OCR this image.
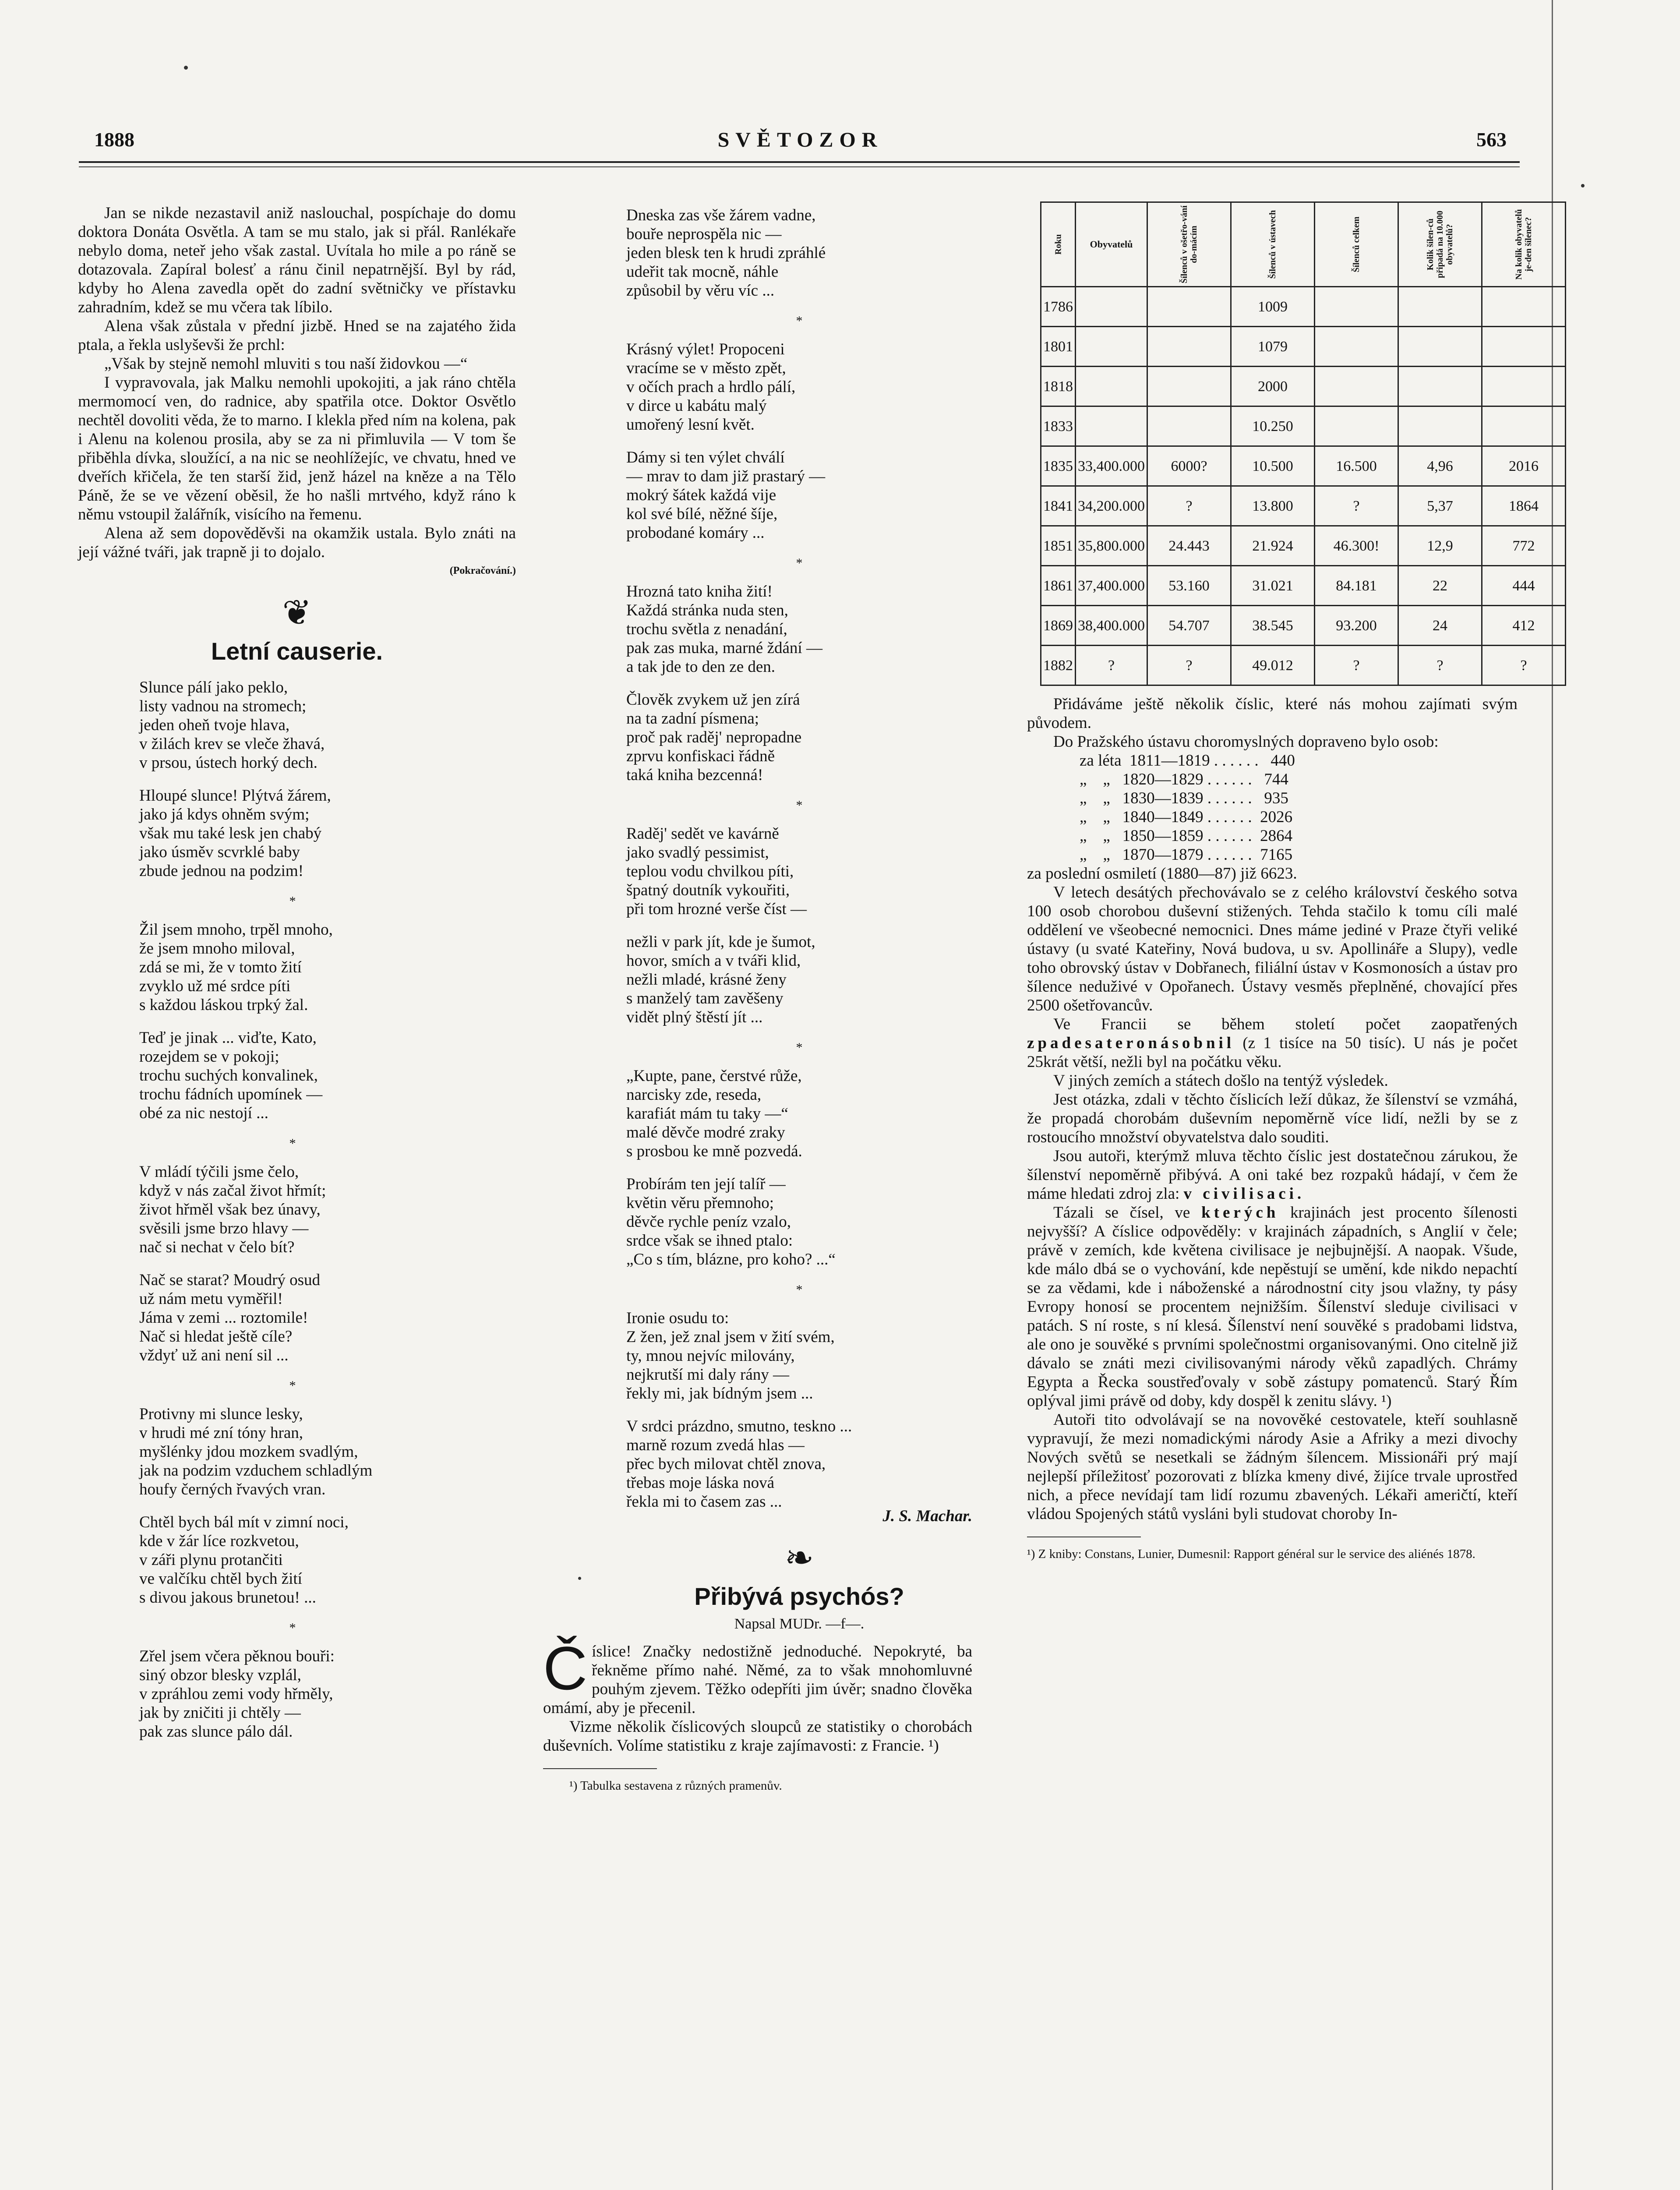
1888	SVĚTOZOR	563

Jan se nikde nezastavil aniž naslouchal, pospíchaje do domu doktora Donáta Osvětla. A tam se mu stalo, jak si přál. Ranlékaře nebylo doma, neteř jeho však zastal. Uvítala ho mile a po ráně se dotazovala. Zapíral bolesť a ránu činil nepatrnější. Byl by rád, kdyby ho Alena zavedla opět do zadní světničky ve přístavku zahradním, kdež se mu včera tak líbilo.

Alena však zůstala v přední jizbě. Hned se na zajatého žida ptala, a řekla uslyševši že prchl:

„Však by stejně nemohl mluviti s tou naší židovkou —“

I vypravovala, jak Malku nemohli upokojiti, a jak ráno chtěla mermomocí ven, do radnice, aby spatřila otce. Doktor Osvětlo nechtěl dovoliti věda, že to marno. I klekla před ním na kolena, pak i Alenu na kolenou prosila, aby se za ni přimluvila — V tom še přiběhla dívka, sloužící, a na nic se neohlížejíc, ve chvatu, hned ve dveřích křičela, že ten starší žid, jenž házel na kněze a na Tělo Páně, že se ve vězení oběsil, že ho našli mrtvého, když ráno k němu vstoupil žalářník, visícího na řemenu.

Alena až sem dopověděvši na okamžik ustala. Bylo znáti na její vážné tváři, jak trapně ji to dojalo.

(Pokračování.)
❦
Letní causerie.
Slunce pálí jako peklo,
listy vadnou na stromech;
jeden oheň tvoje hlava,
v žilách krev se vleče žhavá,
v prsou, ústech horký dech.
Hloupé slunce! Plýtvá žárem,
jako já kdys ohněm svým;
však mu také lesk jen chabý
jako úsměv scvrklé baby
zbude jednou na podzim!
*
Žil jsem mnoho, trpěl mnoho,
že jsem mnoho miloval,
zdá se mi, že v tomto žití
zvyklo už mé srdce píti
s každou láskou trpký žal.
Teď je jinak ... viďte, Kato,
rozejdem se v pokoji;
trochu suchých konvalinek,
trochu fádních upomínek —
obé za nic nestojí ...
*
V mládí týčili jsme čelo,
když v nás začal život hřmít;
život hřměl však bez únavy,
svěsili jsme brzo hlavy —
nač si nechat v čelo bít?
Nač se starat? Moudrý osud
už nám metu vyměřil!
Jáma v zemi ... roztomile!
Nač si hledat ještě cíle?
vždyť už ani není sil ...
*
Protivny mi slunce lesky,
v hrudi mé zní tóny hran,
myšlénky jdou mozkem svadlým,
jak na podzim vzduchem schladlým
houfy černých řvavých vran.
Chtěl bych bál mít v zimní noci,
kde v žár líce rozkvetou,
v záři plynu protančiti
ve valčíku chtěl bych žití
s divou jakous brunetou! ...
*
Zřel jsem včera pěknou bouři:
siný obzor blesky vzplál,
v zpráhlou zemi vody hřměly,
jak by zničiti ji chtěly —
pak zas slunce pálo dál.
Dneska zas vše žárem vadne,
bouře neprospěla nic —
jeden blesk ten k hrudi zpráhlé
udeřit tak mocně, náhle
způsobil by věru víc ...
*
Krásný výlet! Propoceni
vracíme se v město zpět,
v očích prach a hrdlo pálí,
v dirce u kabátu malý
umořený lesní květ.
Dámy si ten výlet chválí
— mrav to dam již prastarý —
mokrý šátek každá vije
kol své bílé, něžné šíje,
probodané komáry ...
*
Hrozná tato kniha žití!
Každá stránka nuda sten,
trochu světla z nenadání,
pak zas muka, marné ždání —
a tak jde to den ze den.
Člověk zvykem už jen zírá
na ta zadní písmena;
proč pak raděj' nepropadne
zprvu konfiskaci řádně
taká kniha bezcenná!
*
Raděj' sedět ve kavárně
jako svadlý pessimist,
teplou vodu chvilkou píti,
špatný doutník vykouřiti,
při tom hrozné verše číst —
nežli v park jít, kde je šumot,
hovor, smích a v tváři klid,
nežli mladé, krásné ženy
s manželý tam zavěšeny
vidět plný štěstí jít ...
*
„Kupte, pane, čerstvé růže,
narcisky zde, reseda,
karafiát mám tu taky —“
malé děvče modré zraky
s prosbou ke mně pozvedá.
Probírám ten její talíř —
květin věru přemnoho;
děvče rychle peníz vzalo,
srdce však se ihned ptalo:
„Co s tím, blázne, pro koho? ...“
*
Ironie osudu to:
Z žen, jež znal jsem v žití svém,
ty, mnou nejvíc milovány,
nejkrutší mi daly rány —
řekly mi, jak bídným jsem ...
V srdci prázdno, smutno, teskno ...
marně rozum zvedá hlas —
přec bych milovat chtěl znova,
třebas moje láska nová
řekla mi to časem zas ...
J. S. Machar.
❧
Přibývá psychós?
Napsal MUDr. —f—.

Číslice! Značky nedostižně jednoduché. Nepokryté, ba řekněme přímo nahé. Němé, za to však mnohomluvné pouhým zjevem. Těžko odepříti jim úvěr; snadno člověka omámí, aby je přecenil.

Vizme několik číslicových sloupců ze statistiky o chorobách duševních. Volíme statistiku z kraje zajímavosti: z Francie. ¹)

¹) Tabulka sestavena z různých pramenův.
Roku	Obyvatelů	Šílenců v ošetřo-vání do-mácím	Šílenců v ústavech	Šílenců celkem	Kolik šílen-ců připadá na 10.000 obyvatelů?	Na kolik obyvatelů je-den šílenec?
1786			1009			
1801			1079			
1818			2000			
1833			10.250			
1835	33,400.000	6000?	10.500	16.500	4,96	2016
1841	34,200.000	?	13.800	?	5,37	1864
1851	35,800.000	24.443	21.924	46.300!	12,9	772
1861	37,400.000	53.160	31.021	84.181	22	444
1869	38,400.000	54.707	38.545	93.200	24	412
1882	?	?	49.012	?	?	?

Přidáváme ještě několik číslic, které nás mohou zajímati svým původem.

Do Pražského ústavu choromyslných dopraveno bylo osob:

za léta  1811—1819 . . . . . .   440
„    „   1820—1829 . . . . . .   744
„    „   1830—1839 . . . . . .   935
„    „   1840—1849 . . . . . .  2026
„    „   1850—1859 . . . . . .  2864
„    „   1870—1879 . . . . . .  7165
za poslední osmiletí (1880—87) již 6623.

V letech desátých přechovávalo se z celého království českého sotva 100 osob chorobou duševní stižených. Tehda stačilo k tomu cíli malé oddělení ve všeobecné nemocnici. Dnes máme jediné v Praze čtyři veliké ústavy (u svaté Kateřiny, Nová budova, u sv. Apollináře a Slupy), vedle toho obrovský ústav v Dobřanech, filiální ústav v Kosmonosích a ústav pro šílence neduživé v Opořanech. Ústavy vesměs přeplněné, chovající přes 2500 ošetřovancův.

Ve Francii se během století počet zaopatřených zpadesateronásobnil (z 1 tisíce na 50 tisíc). U nás je počet 25krát větší, nežli byl na počátku věku.

V jiných zemích a státech došlo na tentýž výsledek.

Jest otázka, zdali v těchto číslicích leží důkaz, že šílenství se vzmáhá, že propadá chorobám duševním nepoměrně více lidí, nežli by se z rostoucího množství obyvatelstva dalo souditi.

Jsou autoři, kterýmž mluva těchto číslic jest dostatečnou zárukou, že šílenství nepoměrně přibývá. A oni také bez rozpaků hádají, v čem že máme hledati zdroj zla: v civilisaci.

Tázali se čísel, ve kterých krajinách jest procento šílenosti nejvyšší? A číslice odpověděly: v krajinách západních, s Anglií v čele; právě v zemích, kde květena civilisace je nejbujnější. A naopak. Všude, kde málo dbá se o vychování, kde nepěstují se umění, kde nikdo nepachtí se za vědami, kde i náboženské a národnostní city jsou vlažny, ty pásy Evropy honosí se procentem nejnižším. Šílenství sleduje civilisaci v patách. S ní roste, s ní klesá. Šílenství není souvěké s pradobami lidstva, ale ono je souvěké s prvními společnostmi organisovanými. Ono citelně již dávalo se znáti mezi civilisovanými národy věků zapadlých. Chrámy Egypta a Řecka soustřeďovaly v sobě zástupy pomatenců. Starý Řím oplýval jimi právě od doby, kdy dospěl k zenitu slávy. ¹)

Autoři tito odvolávají se na novověké cestovatele, kteří souhlasně vypravují, že mezi nomadickými národy Asie a Afriky a mezi divochy Nových světů se nesetkali se žádným šílencem. Missionáři prý mají nejlepší příležitosť pozorovati z blízka kmeny divé, žijíce trvale uprostřed nich, a přece nevídají tam lidí rozumu zbavených. Lékaři američtí, kteří vládou Spojených států vysláni byli studovat choroby In-

¹) Z kniby: Constans, Lunier, Dumesnil: Rapport général sur le service des aliénés 1878.
